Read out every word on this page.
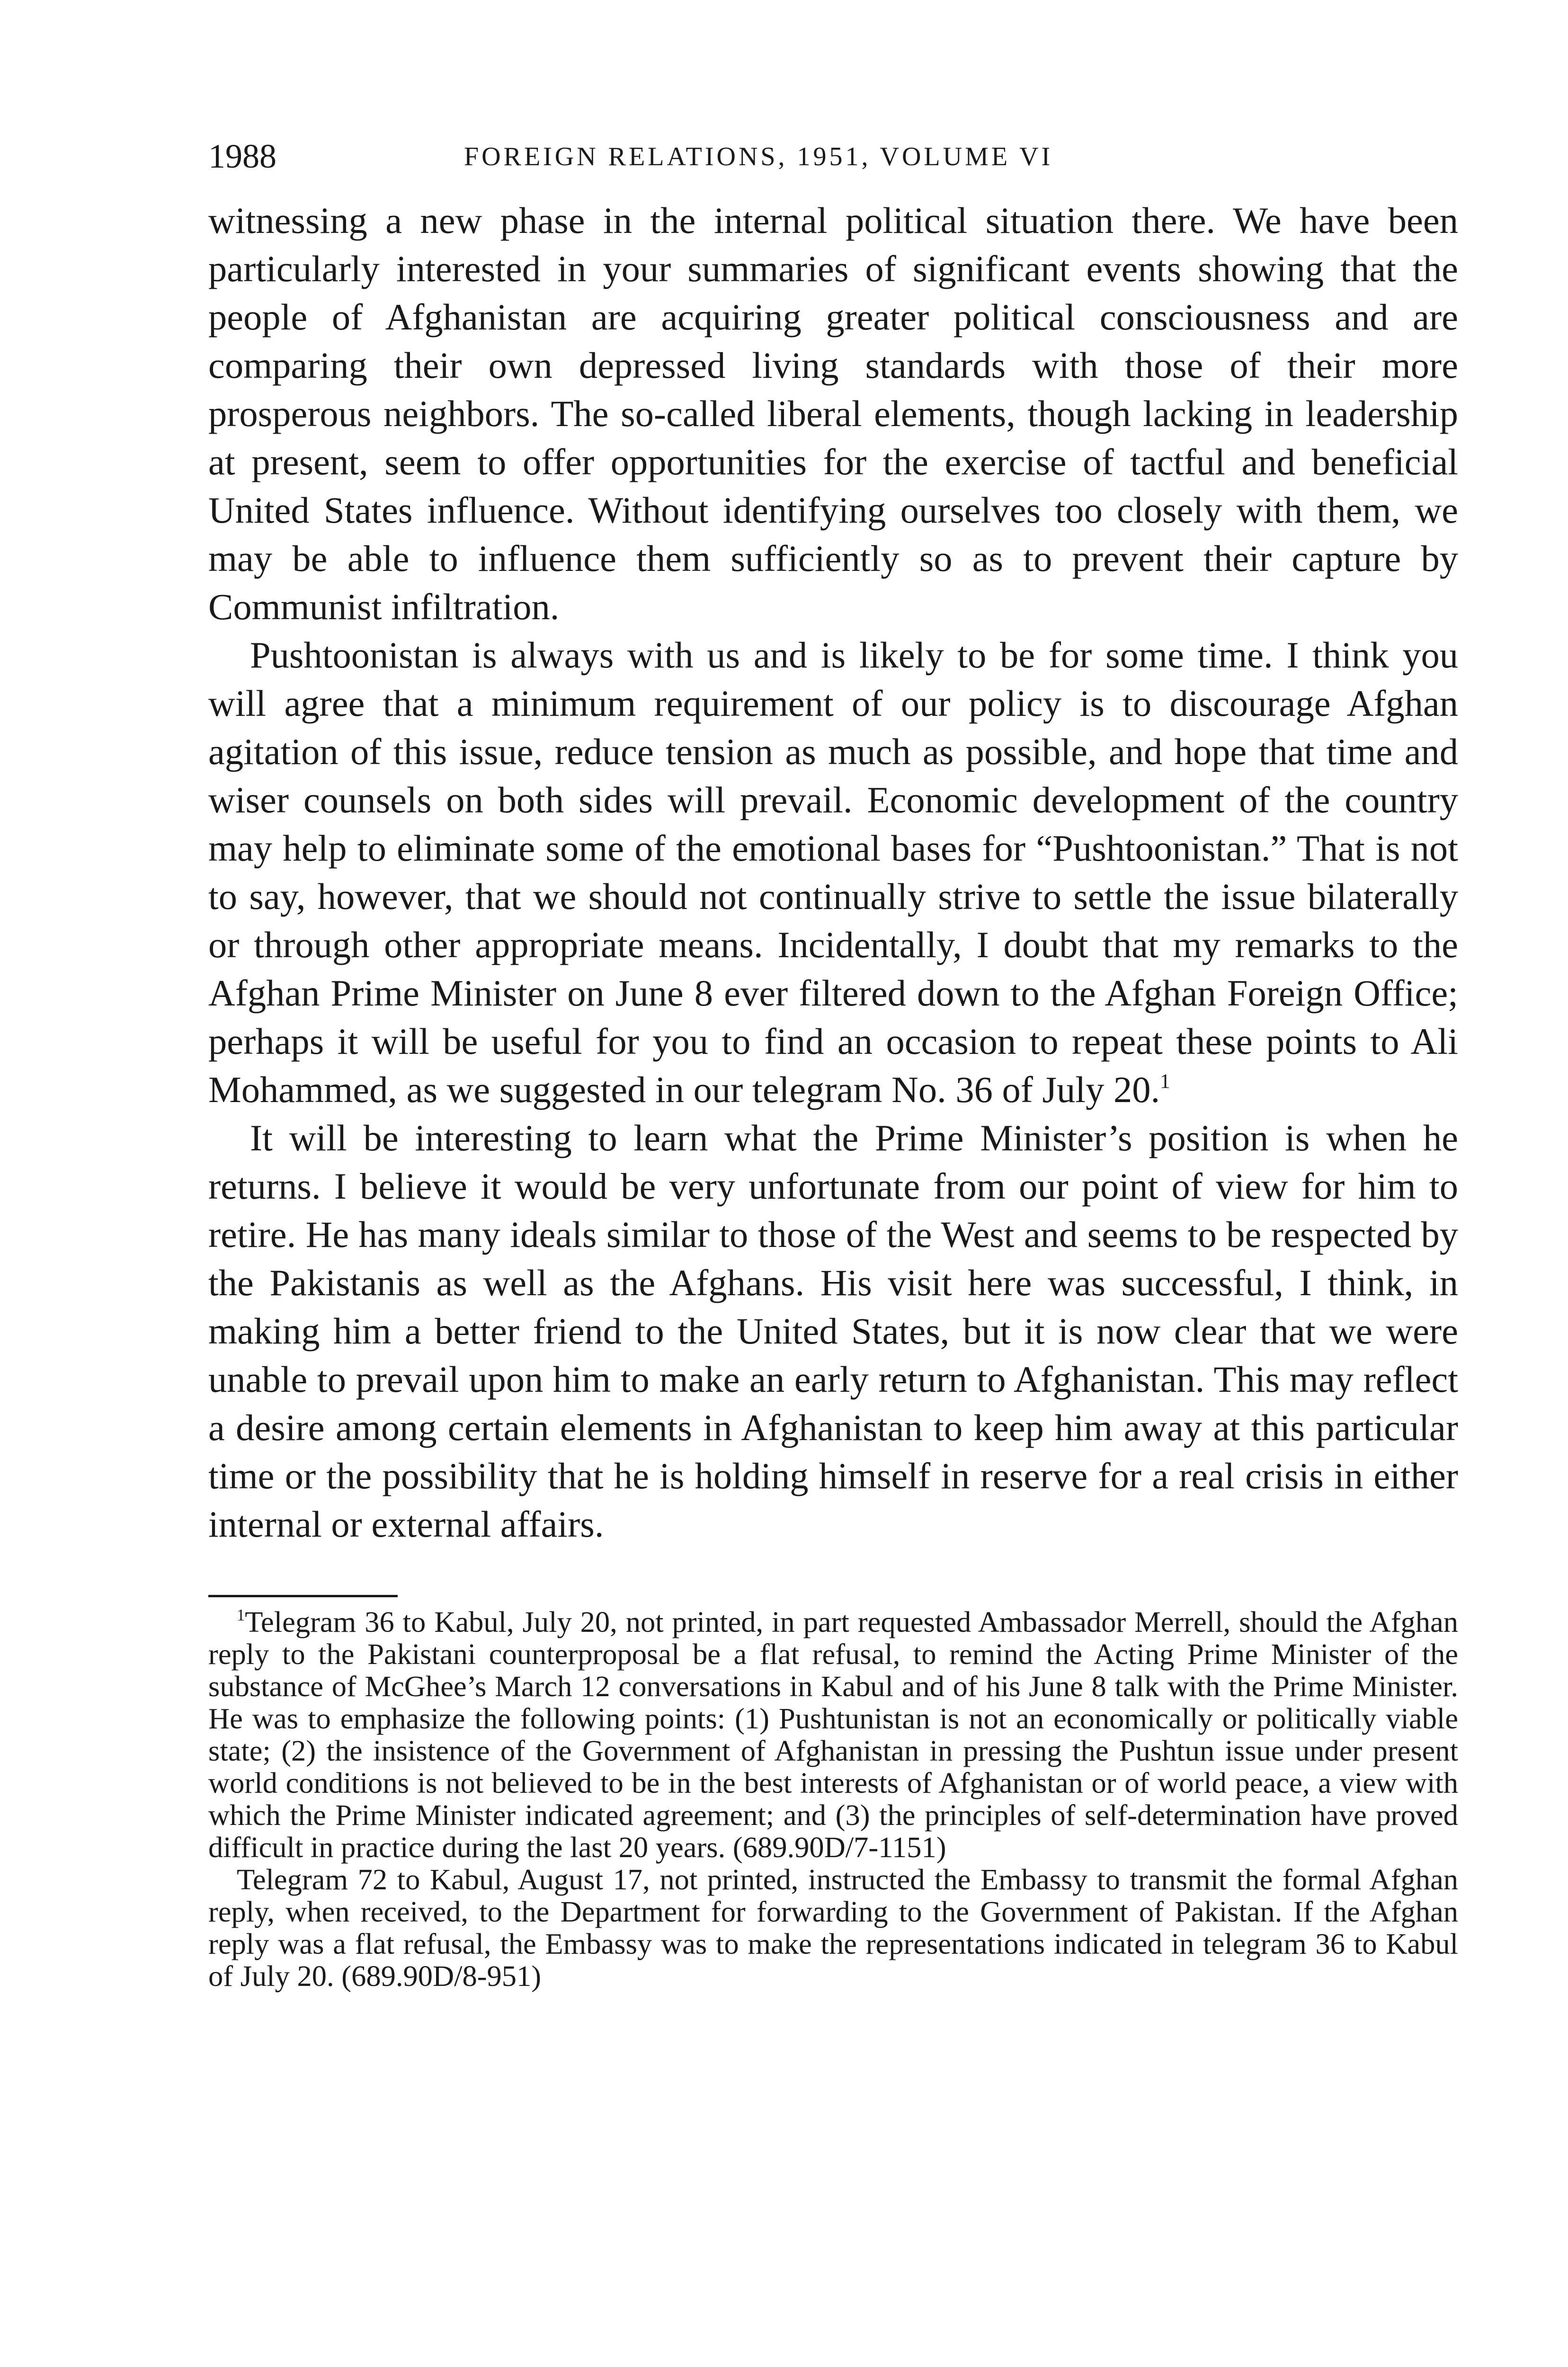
1988	FOREIGN RELATIONS, 1951, VOLUME VI

witnessing a new phase in the internal political situation there. We have been particularly interested in your summaries of significant events showing that the people of Afghanistan are acquiring greater political consciousness and are comparing their own depressed living standards with those of their more prosperous neighbors. The so-called liberal elements, though lacking in leadership at present, seem to offer opportunities for the exercise of tactful and beneficial United States influence. Without identifying ourselves too closely with them, we may be able to influence them sufficiently so as to prevent their capture by Communist infiltration.

Pushtoonistan is always with us and is likely to be for some time. I think you will agree that a minimum requirement of our policy is to discourage Afghan agitation of this issue, reduce tension as much as possible, and hope that time and wiser counsels on both sides will prevail. Economic development of the country may help to eliminate some of the emotional bases for “Pushtoonistan.” That is not to say, however, that we should not continually strive to settle the issue bilaterally or through other appropriate means. Incidentally, I doubt that my remarks to the Afghan Prime Minister on June 8 ever filtered down to the Afghan Foreign Office; perhaps it will be useful for you to find an occasion to repeat these points to Ali Mohammed, as we suggested in our telegram No. 36 of July 20.$^1$

It will be interesting to learn what the Prime Minister’s position is when he returns. I believe it would be very unfortunate from our point of view for him to retire. He has many ideals similar to those of the West and seems to be respected by the Pakistanis as well as the Afghans. His visit here was successful, I think, in making him a better friend to the United States, but it is now clear that we were unable to prevail upon him to make an early return to Afghanistan. This may reflect a desire among certain elements in Afghanistan to keep him away at this particular time or the possibility that he is holding himself in reserve for a real crisis in either internal or external affairs.

$^1$Telegram 36 to Kabul, July 20, not printed, in part requested Ambassador Merrell, should the Afghan reply to the Pakistani counterproposal be a flat refusal, to remind the Acting Prime Minister of the substance of McGhee’s March 12 conversations in Kabul and of his June 8 talk with the Prime Minister. He was to emphasize the following points: (1) Pushtunistan is not an economically or politically viable state; (2) the insistence of the Government of Afghanistan in pressing the Pushtun issue under present world conditions is not believed to be in the best interests of Afghanistan or of world peace, a view with which the Prime Minister indicated agreement; and (3) the principles of self-determination have proved difficult in practice during the last 20 years. (689.90D/7-1151)

Telegram 72 to Kabul, August 17, not printed, instructed the Embassy to transmit the formal Afghan reply, when received, to the Department for forwarding to the Government of Pakistan. If the Afghan reply was a flat refusal, the Embassy was to make the representations indicated in telegram 36 to Kabul of July 20. (689.90D/8-951)
